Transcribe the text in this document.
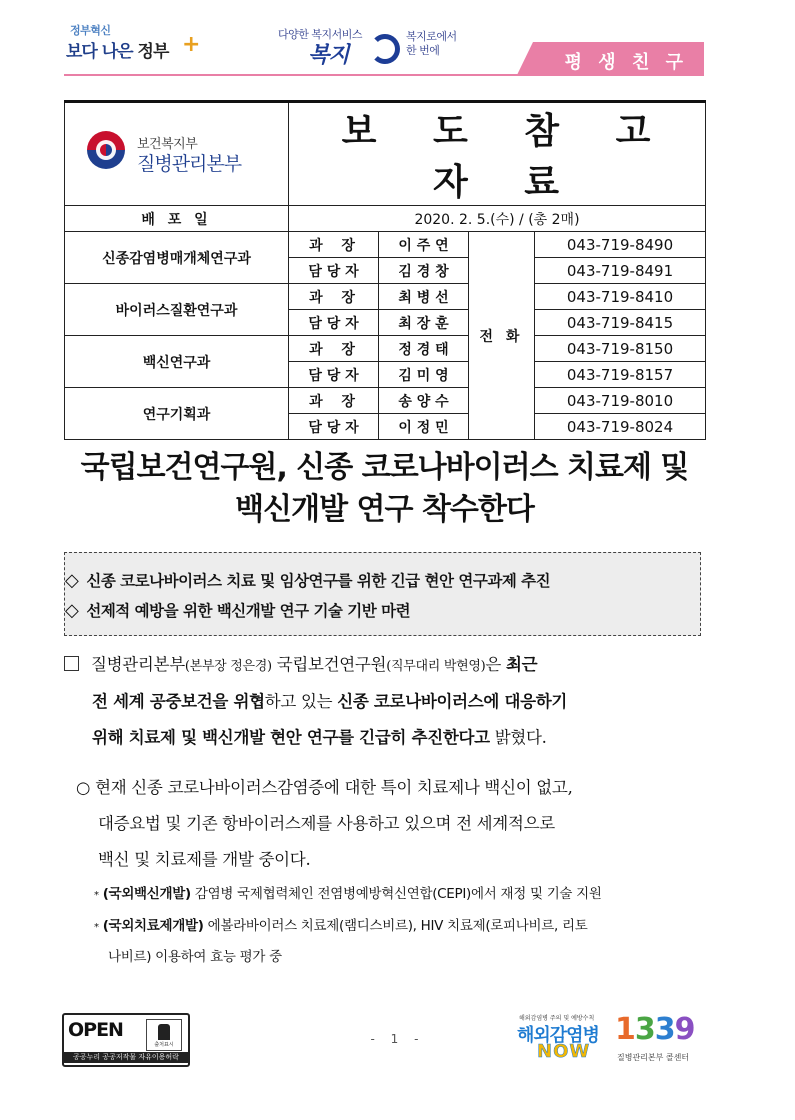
정부혁신
보다 나은 정부 +	다양한 복지서비스
복지
복지로에서 한 번에
평 생 친 구
보건복지부
질병관리본부	보 도 참 고 자 료			
배 포 일	2020. 2. 5.(수) / (총 2매)			
신종감염병매개체연구과	과  장	이 주 연	전 화	043-719-8490
	담 당 자	김 경 창		043-719-8491
바이러스질환연구과	과  장	최 병 선		043-719-8410
	담 당 자	최 장 훈		043-719-8415
백신연구과	과  장	정 경 태		043-719-8150
	담 당 자	김 미 영		043-719-8157
연구기획과	과  장	송 양 수		043-719-8010
	담 당 자	이 정 민		043-719-8024
국립보건연구원, 신종 코로나바이러스 치료제 및
백신개발 연구 착수한다
◇ 신종 코로나바이러스 치료 및 임상연구를 위한 긴급 현안 연구과제 추진
◇ 선제적 예방을 위한 백신개발 연구 기술 기반 마련
질병관리본부(본부장 정은경) 국립보건연구원(직무대리 박현영)은 최근
전 세계 공중보건을 위협하고 있는 신종 코로나바이러스에 대응하기
위해 치료제 및 백신개발 현안 연구를 긴급히 추진한다고 밝혔다.
○ 현재 신종 코로나바이러스감염증에 대한 특이 치료제나 백신이 없고,
대증요법 및 기존 항바이러스제를 사용하고 있으며 전 세계적으로
백신 및 치료제를 개발 중이다.
* (국외백신개발) 감염병 국제협력체인 전염병예방혁신연합(CEPI)에서 재정 및 기술 지원
* (국외치료제개발) 에볼라바이러스 치료제(램디스비르), HIV 치료제(로피나비르, 리토
나비르) 이용하여 효능 평가 중
OPEN
출처표시
공공누리 공공저작물 자유이용허락
- 1 -
해외감염병 주의 및 예방수칙
해외감염병
NOW
1339
질병관리본부 콜센터
